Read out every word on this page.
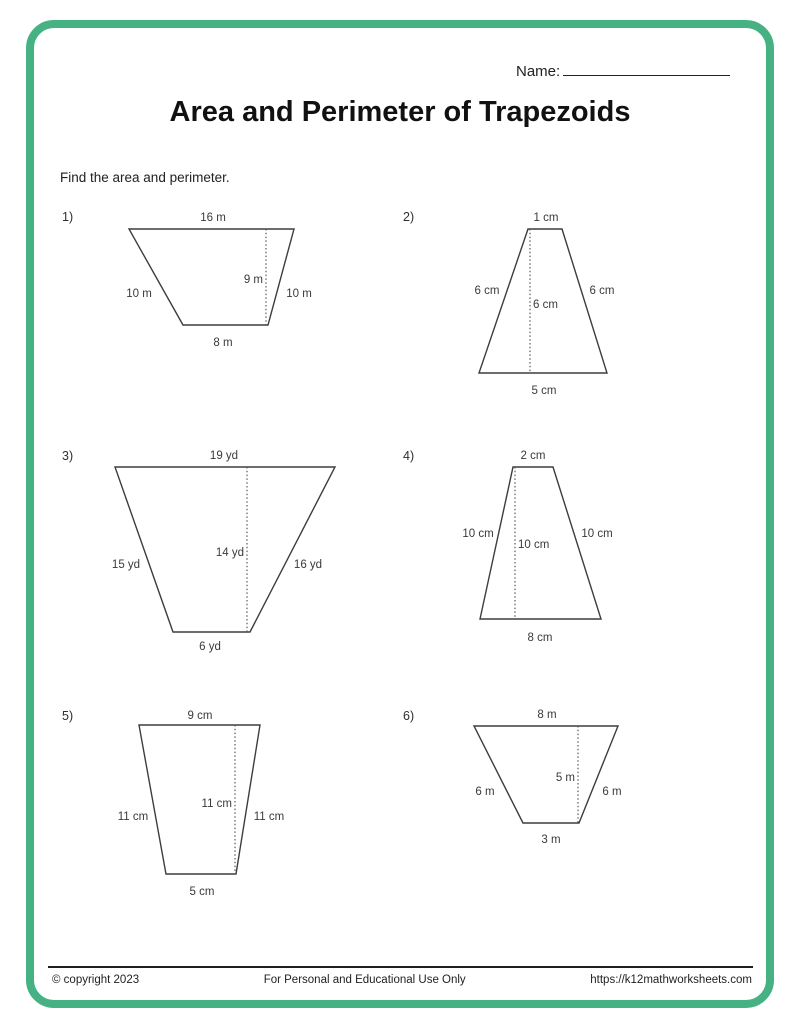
Name:
Area and Perimeter of Trapezoids
Find the area and perimeter.
1)	16 m
9 m
10 m	10 m
8 m
2)	1 cm
6 cm	6 cm
6 cm
5 cm
3)	19 yd
14 yd
15 yd	16 yd
6 yd
4)	2 cm
10 cm	10 cm
10 cm
8 cm
5)	9 cm
11 cm
11 cm	11 cm
5 cm
6)	8 m
5 m
6 m	6 m
3 m
© copyright 2023	For Personal and Educational Use Only	https://k12mathworksheets.com
